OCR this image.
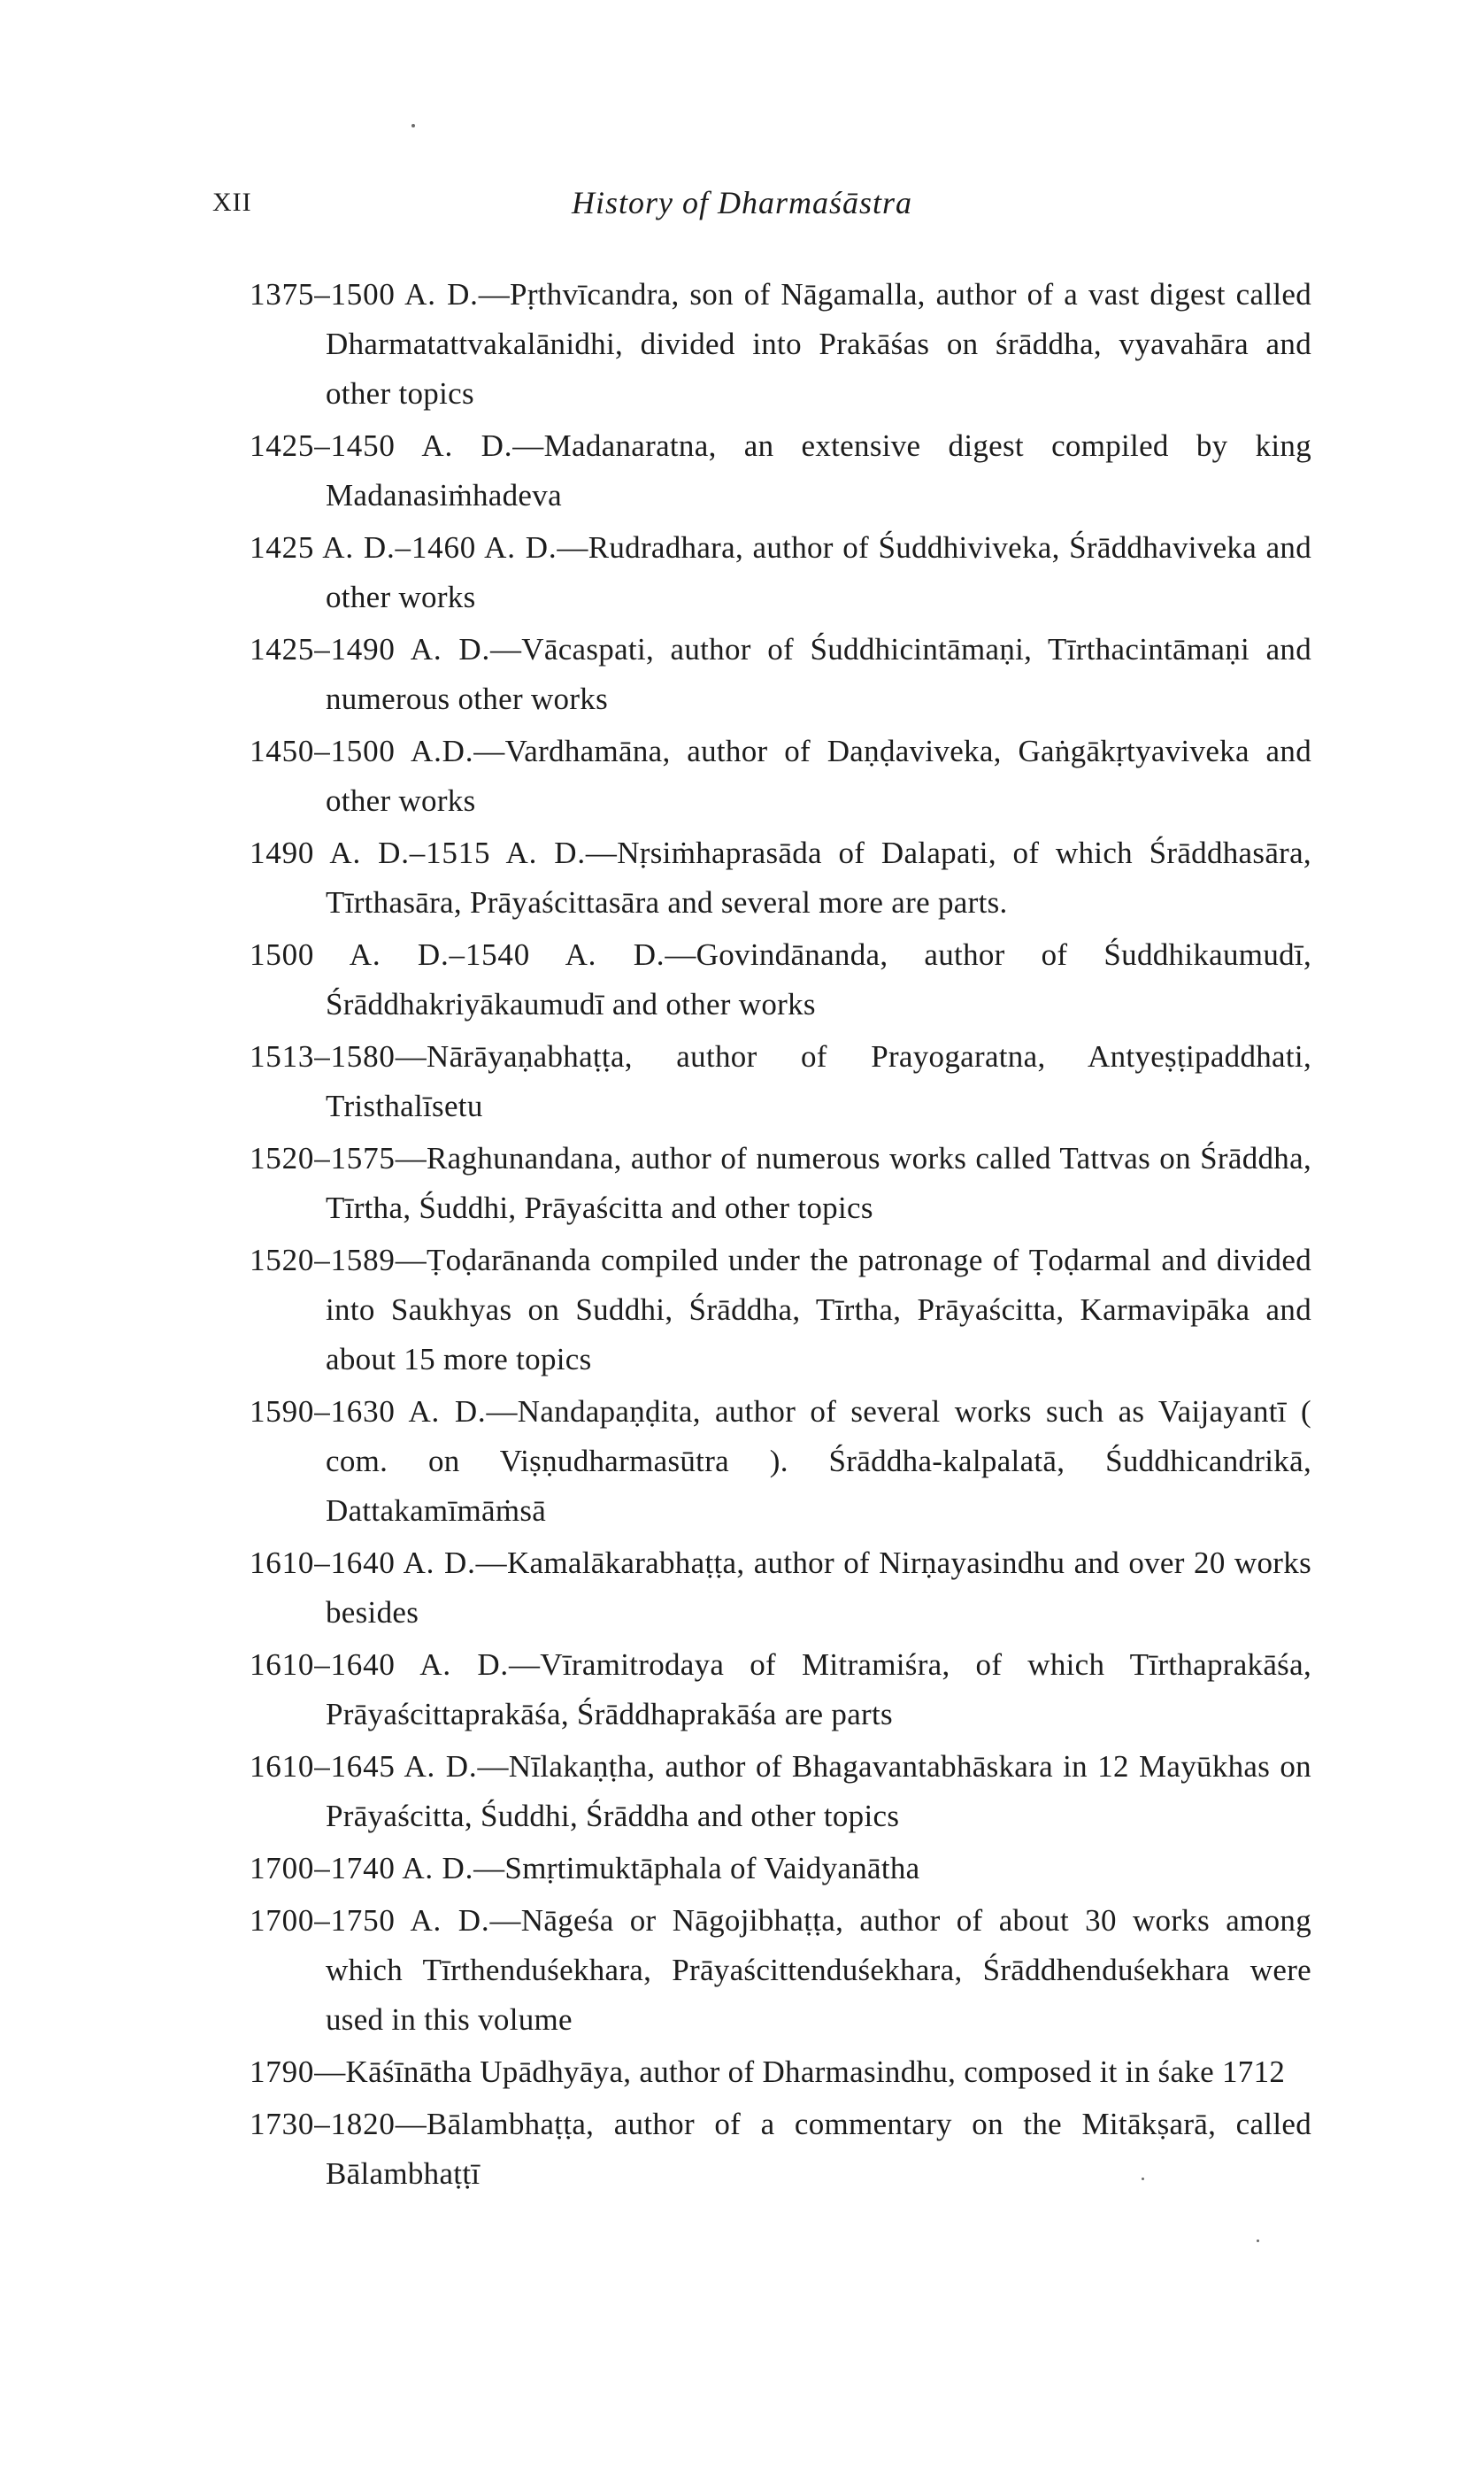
XII	History of Dharmaśāstra
1375–1500 A. D.—Pṛthvīcandra, son of Nāgamalla, author of a vast digest called Dharmatattvakalānidhi, divided into Prakāśas on śrāddha, vyavahāra and other topics
1425–1450 A. D.—Madanaratna, an extensive digest compiled by king Madanasiṁhadeva
1425 A. D.–1460 A. D.—Rudradhara, author of Śuddhiviveka, Śrāddhaviveka and other works
1425–1490 A. D.—Vācaspati, author of Śuddhicintāmaṇi, Tīrthacintāmaṇi and numerous other works
1450–1500 A.D.—Vardhamāna, author of Daṇḍaviveka, Gaṅgākṛtyaviveka and other works
1490 A. D.–1515 A. D.—Nṛsiṁhaprasāda of Dalapati, of which Śrāddhasāra, Tīrthasāra, Prāyaścittasāra and several more are parts.
1500 A. D.–1540 A. D.—Govindānanda, author of Śuddhikaumudī, Śrāddhakriyākaumudī and other works
1513–1580—Nārāyaṇabhaṭṭa, author of Prayogaratna, Antyeṣṭipaddhati, Tristhalīsetu
1520–1575—Raghunandana, author of numerous works called Tattvas on Śrāddha, Tīrtha, Śuddhi, Prāyaścitta and other topics
1520–1589—Ṭoḍarānanda compiled under the patronage of Ṭoḍarmal and divided into Saukhyas on Suddhi, Śrāddha, Tīrtha, Prāyaścitta, Karmavipāka and about 15 more topics
1590–1630 A. D.—Nandapaṇḍita, author of several works such as Vaijayantī ( com. on Viṣṇudharmasūtra ). Śrāddha-kalpalatā, Śuddhicandrikā, Dattakamīmāṁsā
1610–1640 A. D.—Kamalākarabhaṭṭa, author of Nirṇayasindhu and over 20 works besides
1610–1640 A. D.—Vīramitrodaya of Mitramiśra, of which Tīrthaprakāśa, Prāyaścittaprakāśa, Śrāddhaprakāśa are parts
1610–1645 A. D.—Nīlakaṇṭha, author of Bhagavantabhāskara in 12 Mayūkhas on Prāyaścitta, Śuddhi, Śrāddha and other topics
1700–1740 A. D.—Smṛtimuktāphala of Vaidyanātha
1700–1750 A. D.—Nāgeśa or Nāgojibhaṭṭa, author of about 30 works among which Tīrthenduśekhara, Prāyaścittenduśekhara, Śrāddhenduśekhara were used in this volume
1790—Kāśīnātha Upādhyāya, author of Dharmasindhu, composed it in śake 1712
1730–1820—Bālambhaṭṭa, author of a commentary on the Mitākṣarā, called Bālambhaṭṭī
